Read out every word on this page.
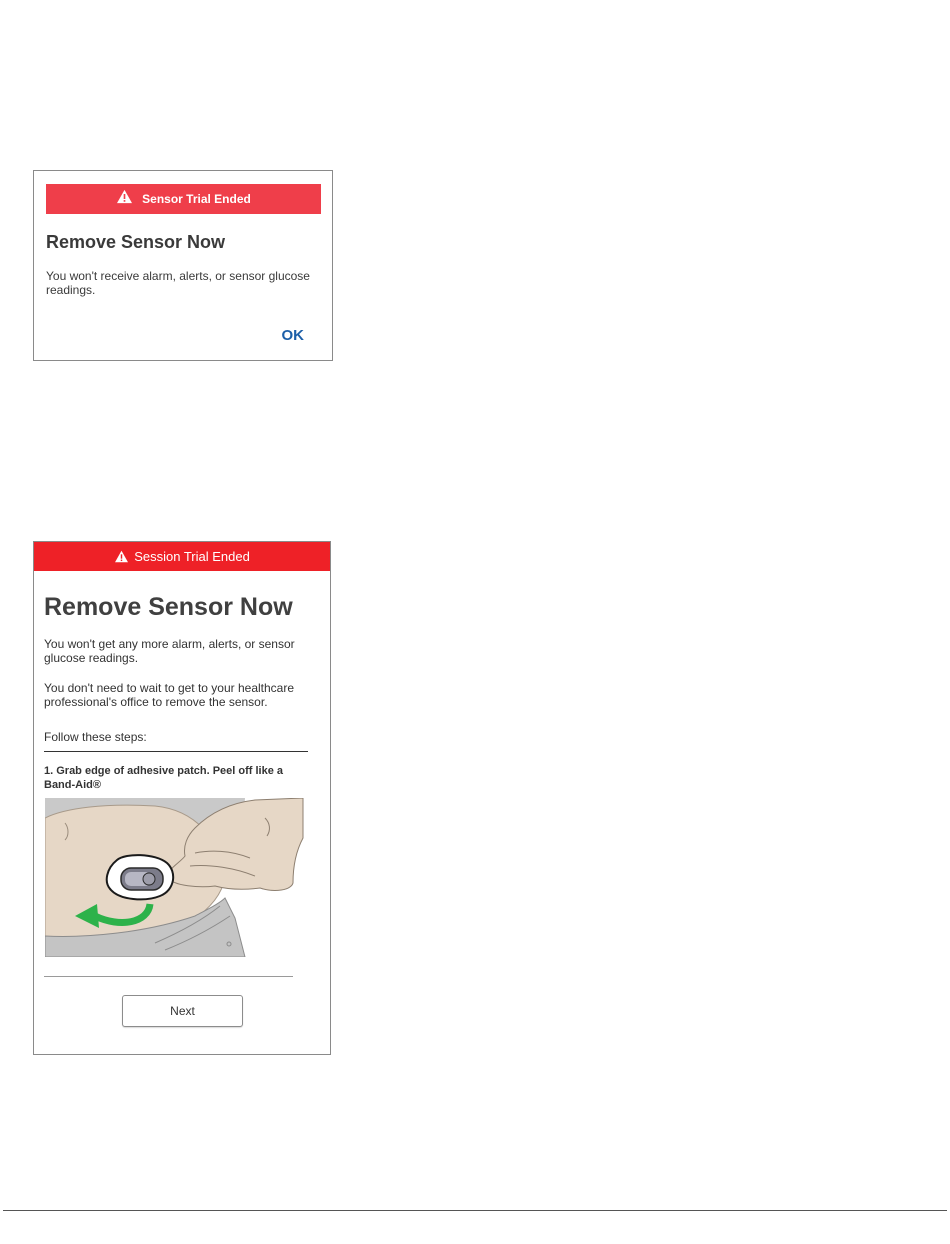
Sensor Trial Ended
Remove Sensor Now
You won't receive alarm, alerts, or sensor glucose readings.
OK
Session Trial Ended
Remove Sensor Now
You won't get any more alarm, alerts, or sensor glucose readings.
You don't need to wait to get to your healthcare professional's office to remove the sensor.
Follow these steps:
1. Grab edge of adhesive patch. Peel off like a Band-Aid®
Next
